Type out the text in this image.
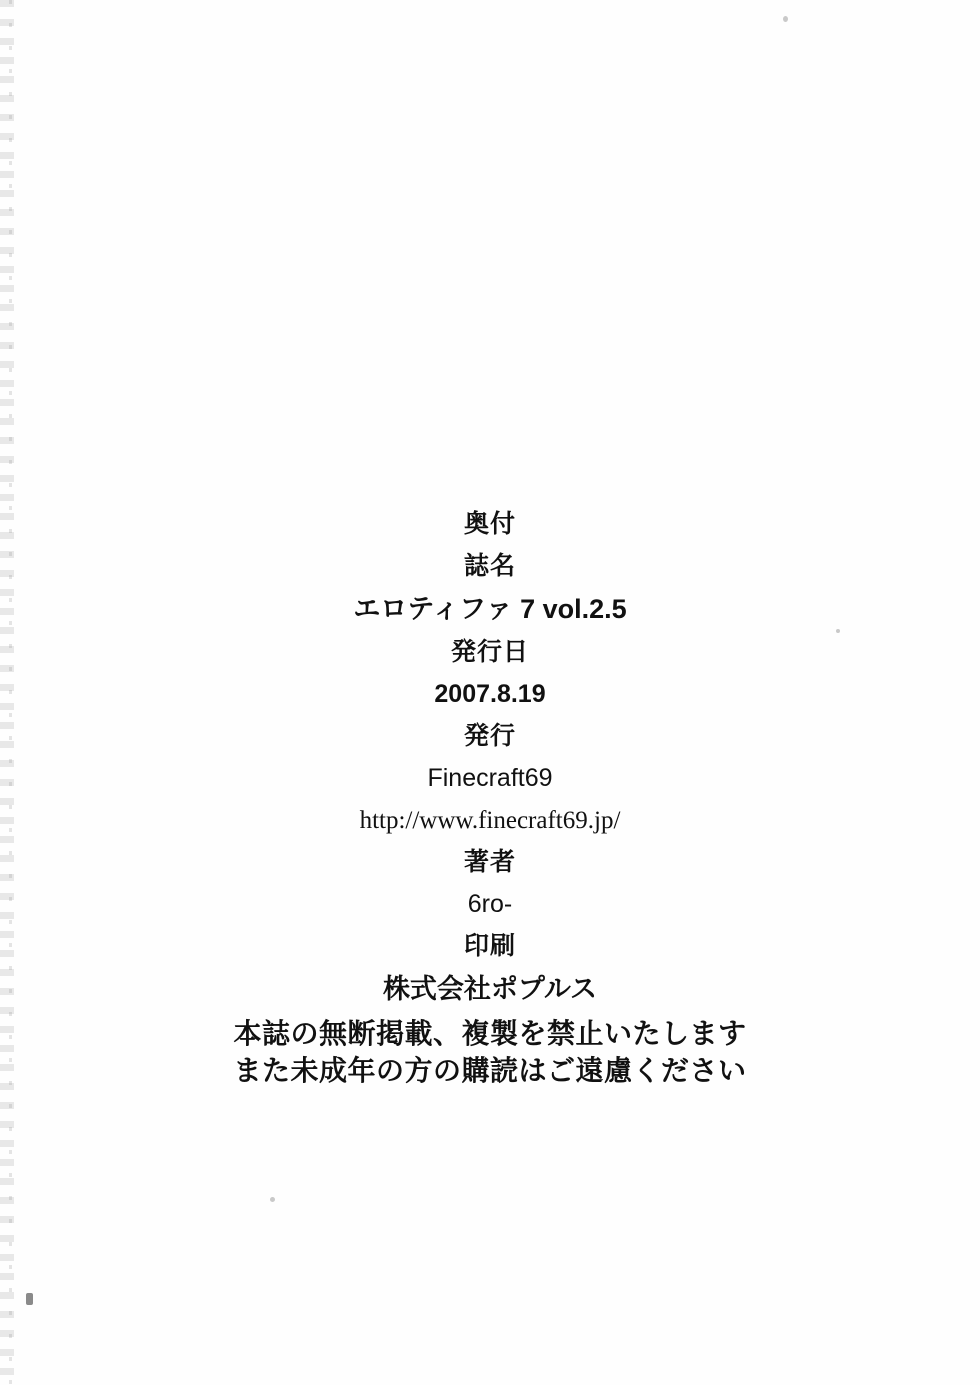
奥付
誌名
エロティファ 7 vol.2.5
発行日
2007.8.19
発行
Finecraft69
http://www.finecraft69.jp/
著者
6ro-
印刷
株式会社ポプルス
本誌の無断掲載、複製を禁止いたします
また未成年の方の購読はご遠慮ください
